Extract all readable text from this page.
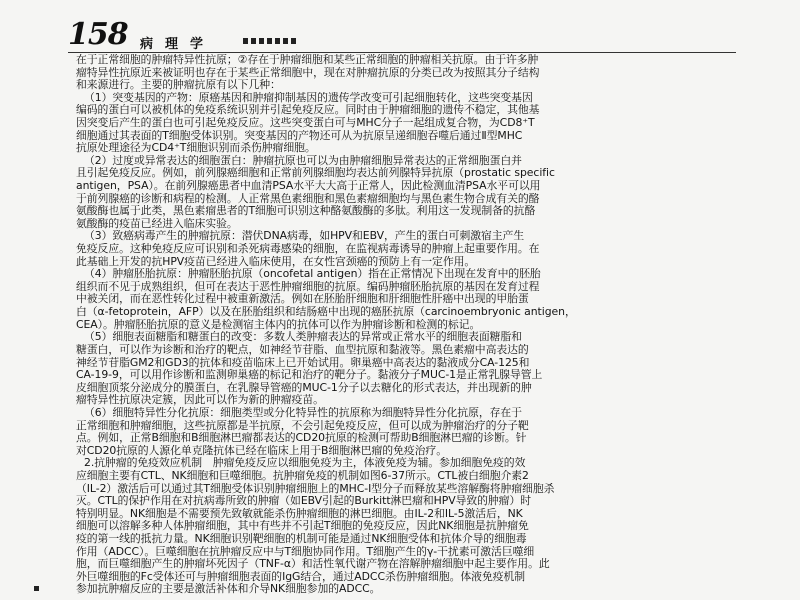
158 病理学
在于正常细胞的肿瘤特异性抗原；②存在于肿瘤细胞和某些正常细胞的肿瘤相关抗原。由于许多肿
瘤特异性抗原近来被证明也存在于某些正常细胞中，现在对肿瘤抗原的分类已改为按照其分子结构
和来源进行。主要的肿瘤抗原有以下几种：
（1）突变基因的产物：原癌基因和肿瘤抑制基因的遗传学改变可引起细胞转化，这些突变基因
编码的蛋白可以被机体的免疫系统识别并引起免疫反应。同时由于肿瘤细胞的遗传不稳定，其他基
因突变后产生的蛋白也可引起免疫反应。这些突变蛋白可与MHC分子一起组成复合物，为CD8⁺T
细胞通过其表面的T细胞受体识别。突变基因的产物还可从为抗原呈递细胞吞噬后通过Ⅱ型MHC
抗原处理途径为CD4⁺T细胞识别而杀伤肿瘤细胞。
（2）过度或异常表达的细胞蛋白：肿瘤抗原也可以为由肿瘤细胞异常表达的正常细胞蛋白并
且引起免疫反应。例如，前列腺癌细胞和正常前列腺细胞均表达前列腺特异抗原（prostatic specific
antigen，PSA）。在前列腺癌患者中血清PSA水平大大高于正常人，因此检测血清PSA水平可以用
于前列腺癌的诊断和病程的检测。人正常黑色素细胞和黑色素瘤细胞均与黑色素生物合成有关的酪
氨酸酶也属于此类，黑色素瘤患者的T细胞可识别这种酪氨酸酶的多肽。利用这一发现制备的抗酪
氨酸酶的疫苗已经进入临床实验。
（3）致癌病毒产生的肿瘤抗原：潜伏DNA病毒，如HPV和EBV，产生的蛋白可刺激宿主产生
免疫反应。这种免疫反应可识别和杀死病毒感染的细胞，在监视病毒诱导的肿瘤上起重要作用。在
此基础上开发的抗HPV疫苗已经进入临床使用，在女性宫颈癌的预防上有一定作用。
（4）肿瘤胚胎抗原：肿瘤胚胎抗原（oncofetal antigen）指在正常情况下出现在发育中的胚胎
组织而不见于成熟组织，但可在表达于恶性肿瘤细胞的抗原。编码肿瘤胚胎抗原的基因在发育过程
中被关闭，而在恶性转化过程中被重新激活。例如在胚胎肝细胞和肝细胞性肝癌中出现的甲胎蛋
白（α-fetoprotein，AFP）以及在胚胎组织和结肠癌中出现的癌胚抗原（carcinoembryonic antigen，
CEA）。肿瘤胚胎抗原的意义是检测宿主体内的抗体可以作为肿瘤诊断和检测的标记。
（5）细胞表面糖脂和糖蛋白的改变：多数人类肿瘤表达的异常或正常水平的细胞表面糖脂和
糖蛋白，可以作为诊断和治疗的靶点，如神经节苷脂、血型抗原和黏液等。黑色素瘤中高表达的
神经节苷脂GM2和GD3的抗体和疫苗临床上已开始试用。卵巢癌中高表达的黏液成分CA-125和
CA-19-9，可以用作诊断和监测卵巢癌的标记和治疗的靶分子。黏液分子MUC-1是正常乳腺导管上
皮细胞顶浆分泌成分的膜蛋白，在乳腺导管癌的MUC-1分子以去糖化的形式表达，并出现新的肿
瘤特异性抗原决定簇，因此可以作为新的肿瘤疫苗。
（6）细胞特异性分化抗原：细胞类型或分化特异性的抗原称为细胞特异性分化抗原，存在于
正常细胞和肿瘤细胞，这些抗原都是半抗原，不会引起免疫反应，但可以成为肿瘤治疗的分子靶
点。例如，正常B细胞和B细胞淋巴瘤都表达的CD20抗原的检测可帮助B细胞淋巴瘤的诊断。针
对CD20抗原的人源化单克隆抗体已经在临床上用于B细胞淋巴瘤的免疫治疗。
2.抗肿瘤的免疫效应机制　肿瘤免疫反应以细胞免疫为主，体液免疫为辅。参加细胞免疫的效
应细胞主要有CTL、NK细胞和巨噬细胞。抗肿瘤免疫的机制如图6-37所示。CTL被白细胞介素2
（IL-2）激活后可以通过其T细胞受体识别肿瘤细胞上的MHC-Ⅰ型分子而释放某些溶解酶将肿瘤细胞杀
灭。CTL的保护作用在对抗病毒所致的肿瘤（如EBV引起的Burkitt淋巴瘤和HPV导致的肿瘤）时
特别明显。NK细胞是不需要预先致敏就能杀伤肿瘤细胞的淋巴细胞。由IL-2和IL-5激活后，NK
细胞可以溶解多种人体肿瘤细胞，其中有些并不引起T细胞的免疫反应，因此NK细胞是抗肿瘤免
疫的第一线的抵抗力量。NK细胞识别靶细胞的机制可能是通过NK细胞受体和抗体介导的细胞毒
作用（ADCC）。巨噬细胞在抗肿瘤反应中与T细胞协同作用。T细胞产生的γ-干扰素可激活巨噬细
胞，而巨噬细胞产生的肿瘤坏死因子（TNF-α）和活性氧代谢产物在溶解肿瘤细胞中起主要作用。此
外巨噬细胞的Fc受体还可与肿瘤细胞表面的IgG结合，通过ADCC杀伤肿瘤细胞。体液免疫机制
参加抗肿瘤反应的主要是激活补体和介导NK细胞参加的ADCC。
